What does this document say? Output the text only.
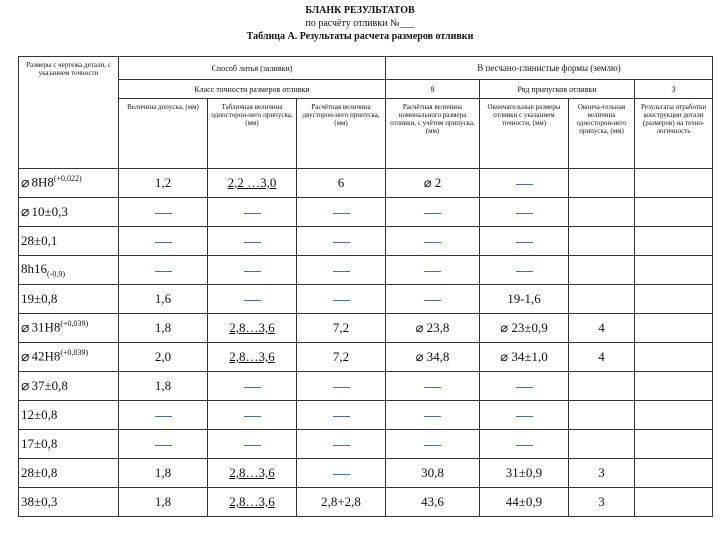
БЛАНК РЕЗУЛЬТАТОВ
по расчёту отливки №___
Таблица А. Результаты расчета размеров отливки
Размеры с чертежа детали, с указанием точности	Способ литья (заливки)			В песчано-глинистые формы (землю)			
	Класс точности размеров отливки			9	Ряд припусков отливки		3
	Величина допуска, (мм)	Табличная величина односторон-него припуска, (мм)	Расчётная величина двусторон-него припуска, (мм)	Расчётная величина номинального размера отливки, с учётом припуска, (мм)	Окончательные размеры отливки с указанием точности, (мм)	Оконча-тельная величина односторон-него припуска, (мм)	Результаты отработки конструкции детали (размеров) на техно-логичность
⌀ $8Н8^{(+0,022)}$	1,2	2,2 …3,0	6	⌀ 2			
⌀ 10±0,3							
28±0,1							
$8h16_{(-0,9)}$							
19±0,8	1,6				19-1,6		
⌀ $31Н8^{(+0,039)}$	1,8	2,8…3,6	7,2	⌀ 23,8	⌀ 23±0,9	4	
⌀ $42Н8^{(+0,039)}$	2,0	2,8…3,6	7,2	⌀ 34,8	⌀ 34±1,0	4	
⌀ 37±0,8	1,8						
12±0,8							
17±0,8							
28±0,8	1,8	2,8…3,6		30,8	31±0,9	3	
38±0,3	1,8	2,8…3,6	2,8+2,8	43,6	44±0,9	3	
